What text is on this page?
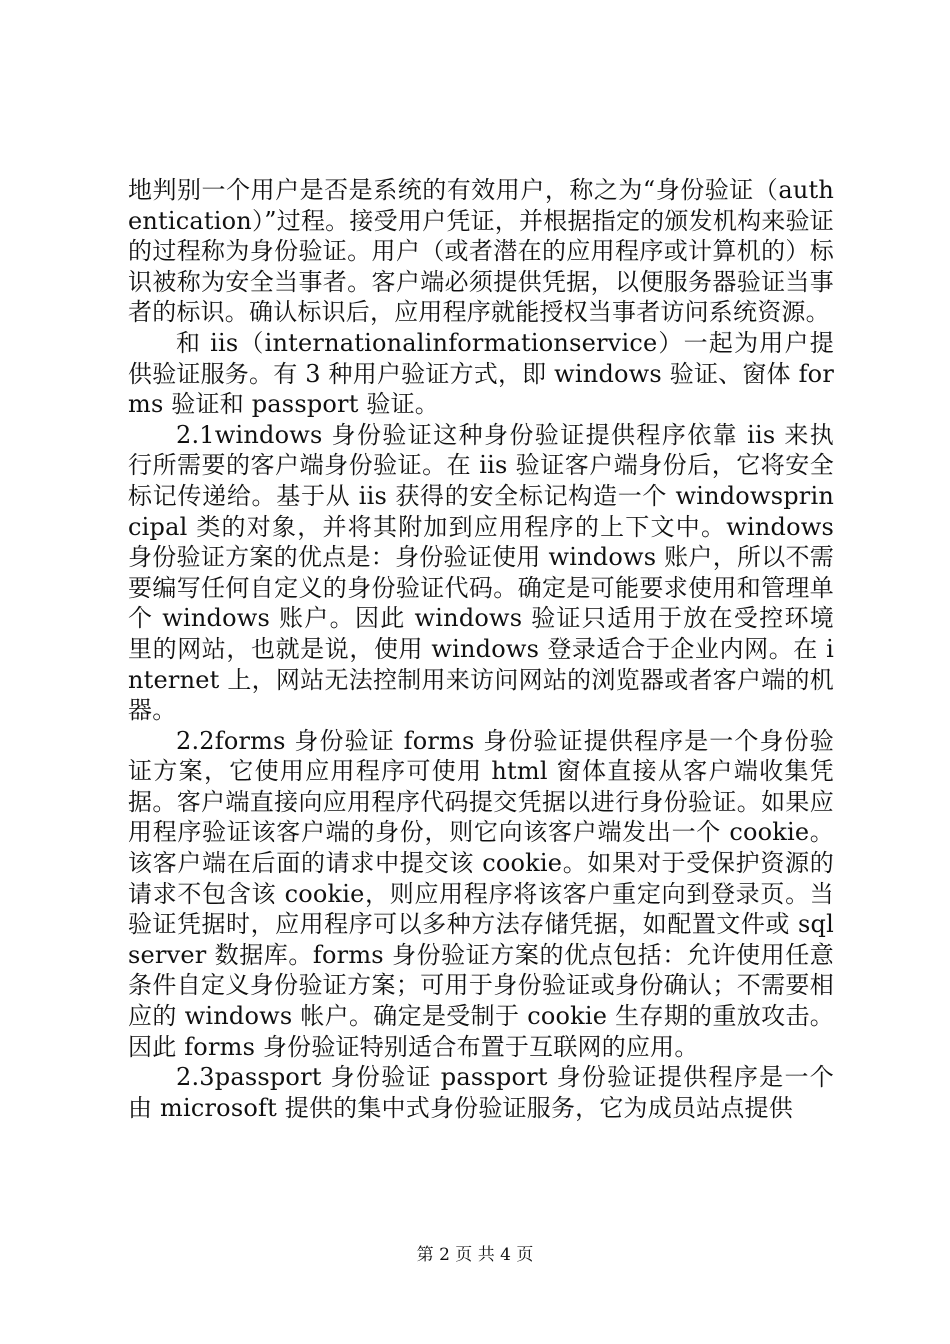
地判别一个用户是否是系统的有效用户，称之为“身份验证（authentication）”过程。接受用户凭证，并根据指定的颁发机构来验证的过程称为身份验证。用户（或者潜在的应用程序或计算机的）标识被称为安全当事者。客户端必须提供凭据，以便服务器验证当事者的标识。确认标识后，应用程序就能授权当事者访问系统资源。

和 iis（internationalinformationservice）一起为用户提供验证服务。有 3 种用户验证方式，即 windows 验证、窗体 forms 验证和 passport 验证。

2.1windows 身份验证这种身份验证提供程序依靠 iis 来执行所需要的客户端身份验证。在 iis 验证客户端身份后，它将安全标记传递给。基于从 iis 获得的安全标记构造一个 windowsprincipal 类的对象，并将其附加到应用程序的上下文中。windows 身份验证方案的优点是：身份验证使用 windows 账户，所以不需要编写任何自定义的身份验证代码。确定是可能要求使用和管理单个 windows 账户。因此 windows 验证只适用于放在受控环境里的网站，也就是说，使用 windows 登录适合于企业内网。在 internet 上，网站无法控制用来访问网站的浏览器或者客户端的机器。

2.2forms 身份验证 forms 身份验证提供程序是一个身份验证方案，它使用应用程序可使用 html 窗体直接从客户端收集凭据。客户端直接向应用程序代码提交凭据以进行身份验证。如果应用程序验证该客户端的身份，则它向该客户端发出一个 cookie。该客户端在后面的请求中提交该 cookie。如果对于受保护资源的请求不包含该 cookie，则应用程序将该客户重定向到登录页。当验证凭据时，应用程序可以多种方法存储凭据，如配置文件或 sqlserver 数据库。forms 身份验证方案的优点包括：允许使用任意条件自定义身份验证方案；可用于身份验证或身份确认；不需要相应的 windows 帐户。确定是受制于 cookie 生存期的重放攻击。因此 forms 身份验证特别适合布置于互联网的应用。

2.3passport 身份验证 passport 身份验证提供程序是一个由 microsoft 提供的集中式身份验证服务，它为成员站点提供

第 2 页 共 4 页
